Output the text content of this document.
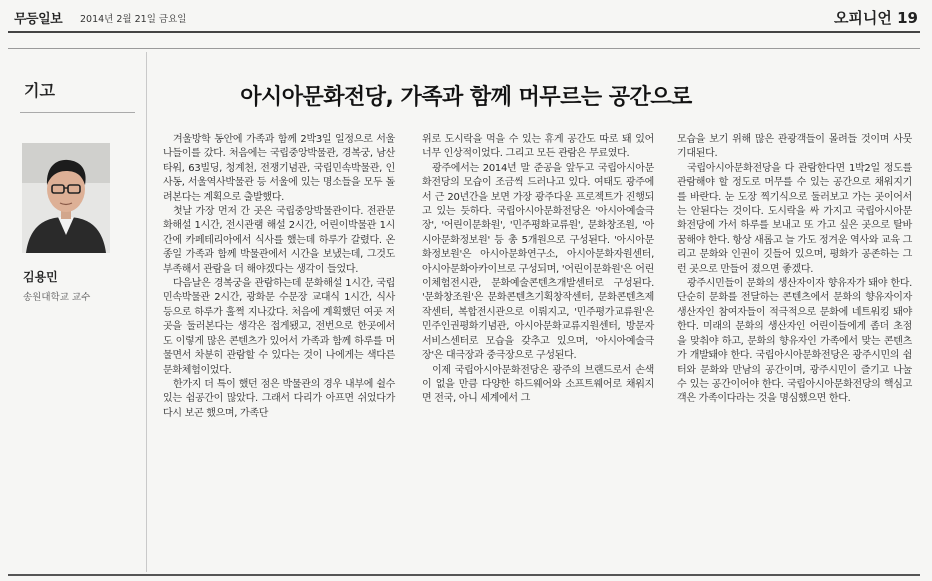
무등일보 2014년 2월 21일 금요일	오피니언 19
기고
김용민
송원대학교 교수
아시아문화전당, 가족과 함께 머무르는 공간으로

겨울방학 동안에 가족과 함께 2박3일 일정으로 서울 나들이를 갔다. 처음에는 국립중앙박물관, 경복궁, 남산타워, 63빌딩, 청계천, 전쟁기념관, 국립민속박물관, 인사동, 서울역사박물관 등 서울에 있는 명소들을 모두 돌려본다는 계획으로 출발했다.

첫날 가장 먼저 간 곳은 국립중앙박물관이다. 전관문화해설 1시간, 전시관램 해설 2시간, 어린이박물관 1시간에 카페테리아에서 식사를 했는데 하루가 갈렸다. 온종일 가족과 함께 박물관에서 시간을 보냈는데, 그것도 부족해서 관람을 더 해야겠다는 생각이 들었다.

다음날은 경복궁을 관람하는데 문화해설 1시간, 국립민속박물관 2시간, 광화문 수문장 교대식 1시간, 식사 등으로 하루가 훌쩍 지나갔다. 처음에 계획했던 여곳 저곳을 둘러본다는 생각은 접게됐고, 전번으로 한곳에서도 이렇게 많은 콘텐츠가 있어서 가족과 함께 하루를 머물면서 차분히 관람할 수 있다는 것이 나에게는 색다른 문화체험이었다.

한가지 더 특이 했던 점은 박물관의 경우 내부에 쉴수 있는 쉼공간이 많았다. 그래서 다리가 아프면 쉬었다가 다시 보곤 했으며, 가족단

위로 도시락을 먹을 수 있는 휴게 공간도 따로 돼 있어 너무 인상적이었다. 그리고 모든 관람은 무료였다.

광주에서는 2014년 말 준공을 앞두고 국립아시아문화전당의 모습이 조금씩 드러나고 있다. 여태도 광주에서 근 20년간을 보면 가장 광주다운 프로젝트가 진행되고 있는 듯하다. 국립아시아문화전당은 '아시아예술극장', '어린이문화원', '민주평화교류원', 문화창조원, '아시아문화정보원' 등 총 5개원으로 구성된다. '아시아문화정보원'은 아시아문화연구소, 아시아문화자원센터, 아시아문화아카이브로 구성되며, '어린이문화원'은 어린이체험전시관, 문화예술콘텐츠개발센터로 구성된다. '문화창조원'은 문화콘텐츠기획창작센터, 문화콘텐츠제작센터, 복합전시관으로 이뤄지고, '민주평가교류원'은 민주인권평화기념관, 아시아문화교류지원센터, 방문자서비스센터로 모습을 갖추고 있으며, '아시아예술극장'은 대극장과 중극장으로 구성된다.

이제 국립아시아문화전당은 광주의 브랜드로서 손색이 없을 만큼 다양한 하드웨어와 소프트웨어로 채워지면 전국, 아니 세계에서 그

모습을 보기 위해 많은 관광객들이 몰려들 것이며 사뭇 기대된다.

국립아시아문화전당을 다 관람한다면 1박2일 정도를 관람해야 할 정도로 머무를 수 있는 공간으로 채워지기를 바란다. 눈 도장 찍기식으로 둘러보고 가는 곳이어서는 안된다는 것이다. 도시락을 싸 가지고 국립아시아문화전당에 가서 하루를 보내고 또 가고 싶은 곳으로 탈바꿈해야 한다. 항상 새롭고 늘 가도 정겨운 역사와 교육 그리고 문화와 인권이 깃들어 있으며, 평화가 공존하는 그런 곳으로 만들어 졌으면 좋겠다.

광주시민들이 문화의 생산자이자 향유자가 돼야 한다. 단순히 문화를 전달하는 콘텐츠에서 문화의 향유자이자 생산자인 참여자들이 적극적으로 문화에 네트워킹 돼야 한다. 미래의 문화의 생산자인 어린이들에게 좀더 초점을 맞춰야 하고, 문화의 향유자인 가족에서 맞는 콘텐츠가 개발돼야 한다. 국립아시아문화전당은 광주시민의 쉼터와 문화와 만남의 공간이며, 광주시민이 즐기고 나눌 수 있는 공간이어야 한다. 국립아시아문화전당의 핵심고객은 가족이다라는 것을 명심했으면 한다.
